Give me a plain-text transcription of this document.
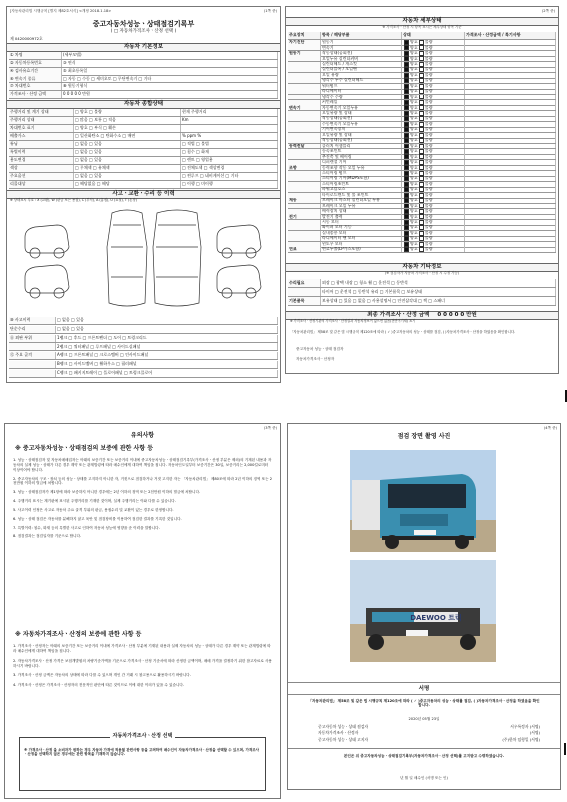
[자동차관리법 시행규칙 [별지 제82호서식] <개정 2018.1.18>	(1쪽 중)
중고자동차성능ㆍ상태점검기록부
( □ 자동차가격조사ㆍ산정 선택 )
제 0420000972호
자동차 기본정보
① 차명	(세부모델)
② 자동차등록번호	③ 연식
④ 검사유효기간	⑤ 최초등록일
⑥ 변속기 종류	□ 자동 □ 수동 □ 세미오토 □ 무단변속기 □ 기타
⑦ 차대번호	⑧ 원동기형식
가격조사ㆍ산정 금액	0 0 0 0 0 만원
자동차 종합상태
주행거리 및 계기 상태	□ 양호 □ 불량	현재 주행거리
주행거리 상태	□ 많음 □ 보통 □ 적음	Km
차대번호 표기	□ 양호 □ 부식 □ 훼손
배출가스	□ 일산화탄소 □ 탄화수소 □ 매연	% ppm %
튜닝	□ 없음 □ 있음	□ 적법 □ 불법
특별이력	□ 없음 □ 있음	□ 침수 □ 화재
용도변경	□ 없음 □ 있음	□ 렌트 □ 영업용
색상	□ 무채색 □ 유채색	□ 전체도색 □ 색상변경
주요옵션	□ 없음 □ 있음	□ 썬루프 □ 네비게이션 □ 기타
리콜대상	□ 해당없음 □ 해당	□ 이행 □ 미이행
사고ㆍ교환ㆍ수리 등 이력
※ 상태표시 부호 : X (교환), W (판금 또는 용접), C (부식), A (흠집), U (요철), T (손상)
⑩ 사고이력	□ 없음 □ 있음
단순수리	□ 없음 □ 있음
⑪ 외판 부위	1랭크 □ 후드 □ 프론트펜더 □ 도어 □ 트렁크리드
2랭크 □ 쿼터패널 □ 루프패널 □ 사이드실패널
⑫ 주요 골격	A랭크 □ 프론트패널 □ 크로스멤버 □ 인사이드패널
B랭크 □ 사이드멤버 □ 휠하우스 □ 필러패널
C랭크 □ 패키지트레이 □ 플로어패널 □ 트렁크플로어
(2쪽 중)
자동차 세부상태
※ 가격조사ㆍ산정 시 항목 표시는 세부상태 항목 기준
주요장치	항목 / 해당부품	상태	가격조사ㆍ산정금액 / 특기사항
자기진단	원동기	양호 불량
변속기	양호 불량
원동기	작동상태(공회전)	양호 불량
오일누유 실린더커버	양호 불량
실린더헤드 / 개스킷	양호 불량
실린더블록 / 오일팬	양호 불량
오일 유량	양호 불량
냉각수 누수 실린더헤드	양호 불량
워터펌프	양호 불량
라디에이터	양호 불량
냉각수 수량	양호 불량
커먼레일	양호 불량
변속기	자동변속기 오일누유	양호 불량
오일유량 및 상태	양호 불량
작동상태(공회전)	양호 불량
수동변속기 오일누유	양호 불량
기어변속장치	양호 불량
오일유량 및 상태	양호 불량
작동상태(공회전)	양호 불량
동력전달	클러치 어셈블리	양호 불량
등속조인트	양호 불량
추진축 및 베어링	양호 불량
디퍼렌셜 기어	양호 불량
조향	동력조향 작동 오일 누유	양호 불량
스티어링 펌프	양호 불량
스티어링 기어(MDPS포함)	양호 불량
스티어링조인트	양호 불량
파워고압호스	양호 불량
타이로드엔드 및 볼 조인트	양호 불량
제동	브레이크 마스터 실린더오일 누유	양호 불량
브레이크 오일 누유	양호 불량
배력장치 상태	양호 불량
전기	발전기 출력	양호 불량
시동 모터	양호 불량
와이퍼 모터 기능	양호 불량
실내송풍 모터	양호 불량
라디에이터 팬 모터	양호 불량
윈도우 모터	양호 불량
연료	연료누출(LP가스포함)	양호 불량
자동차 기타정보
(※ 점검자가 자동차 가격조사ㆍ산정 시 수정 가능)
수리필요	외장 □ 광택 내장 □ 청소 휠 □ 운전석 □ 동반석
타이어 □ 운전석 □ 동반석 유리 □ 기본품목 □ 보유상태
기본품목	보유상태 □ 있음 □ 없음 □ 사용설명서 □ 안전삼각대 □ 잭 □ 스패너
최종 가격조사ㆍ산정 금액 0 0 0 0 0 만원
※ 가격조사ㆍ산정기관의 가격조사ㆍ산정결과 자동차정보이 없으면 없음(전면이기재) 표기
「자동차관리법」 제58조 및 같은 법 시행규칙 제120조에 따라 ( ✓ )중고자동차의 성능ㆍ상태를 점검, ( )자동차가격조사ㆍ산정을 하였음을 확인합니다.
중고자동차 성능ㆍ상태 점검자
자동차가격조사ㆍ산정자
(3쪽 중)
유의사항
※ 중고자동차성능ㆍ상태점검의 보증에 관한 사항 등
1. 성능ㆍ상태점검자 및 자동차매매업자는 아래의 보증기간 또는 보증거리 이내에 중고자동차성능ㆍ상태점검기록부(가격조사ㆍ산정 부분은 제외)의 기재된 내용과 자동차의 실제 성능ㆍ상태가 다른 경우 계약 또는 관계법령에 따라 매수인에게 대하여 책임을 집니다. 자동차인도일부터 보증기간은 30일, 보증거리는 2,000킬로미터 이상이어야 합니다.
2. 중고자동차의 구조ㆍ장치 등의 성능ㆍ상태를 고지하지 아니한 자, 거짓으로 점검하거나 거짓 고지한 자는 「자동차관리법」 제80조에 따라 2년 이하의 징역 또는 2천만원 이하의 벌금에 처합니다.
3. 성능ㆍ상태점검자가 제1항에 따라 보증하지 아니한 경우에는 2년 이하의 징역 또는 2천만원 이하의 벌금에 처합니다.
4. 주행거리 표시는 계기판에 표시된 주행거리를 기재한 것이며, 실제 주행거리는 이와 다를 수 있습니다.
5. 사고이력 인정은 사고로 자동차 주요 골격 부위의 판금, 용접수리 및 교환이 있는 경우로 한정합니다.
6. 성능ㆍ상태 점검은 자동차를 분해하지 않고 육안 및 점검장비를 이용하여 점검한 결과를 기록한 것입니다.
7. 특별이력: 침수, 화재 등의 특별한 사고로 인하여 자동차 성능에 영향을 준 이력을 말합니다.
8. 점검결과는 점검일자를 기준으로 합니다.
※ 자동차가격조사ㆍ산정의 보증에 관한 사항 등
1. 가격조사ㆍ산정자는 아래의 보증기간 또는 보증거리 이내에 가격조사ㆍ산정 부분에 기재된 내용과 실제 자동차의 성능ㆍ상태가 다른 경우 계약 또는 관계법령에 따라 매수인에게 대하여 책임을 집니다.
2. 자동차가격조사ㆍ산정 가격은 보험개발원의 차량기준가액을 기준으로 가격조사ㆍ산정 기준서에 따라 산정한 금액이며, 매매 가격을 결정하기 위한 참고자료로 사용하시기 바랍니다.
3. 가격조사ㆍ산정 금액은 자동차의 상태에 따라 다를 수 있으며 개인 간 거래 시 참고용으로 활용하시기 바랍니다.
4. 가격조사ㆍ산정은 가격조사ㆍ산정자의 전문적인 판단에 따른 것이므로 이에 대한 이의가 있을 수 있습니다.
자동차가격조사ㆍ산정 선택
※ 가격조사ㆍ산정 을 소비자가 원하는 경우 자동차 가격에 적용될 관련사항 등을 고려하여 매수인이 자동차가격조사ㆍ산정을 선택할 수 있으며, 가격조사ㆍ산정을 선택하지 않은 경우에는 관련 항목을 기재하지 않습니다.
(4쪽 중)
점검 장면 촬영 사진
DAEWOO 트럭
서명
「자동차관리법」 제58조 및 같은 법 시행규칙 제120조에 따라 ( ✓ )중고자동차의 성능ㆍ상태를 점검, ( )자동차가격조사ㆍ산정을 하였음을 확인합니다.
2020년 05월 23일
중고자동차 성능ㆍ상태 점검자	서우특정자 (서명)
자동차가격조사ㆍ산정자	(서명)
중고자동차 성능ㆍ상태 고지자	(주)한차 임형일 (서명)
본인은 위 중고자동차성능ㆍ상태점검기록부(자동차가격조사ㆍ산정 선택)를 고지받고 수령하였습니다.
년 월 일 매수인 (서명 또는 인)
